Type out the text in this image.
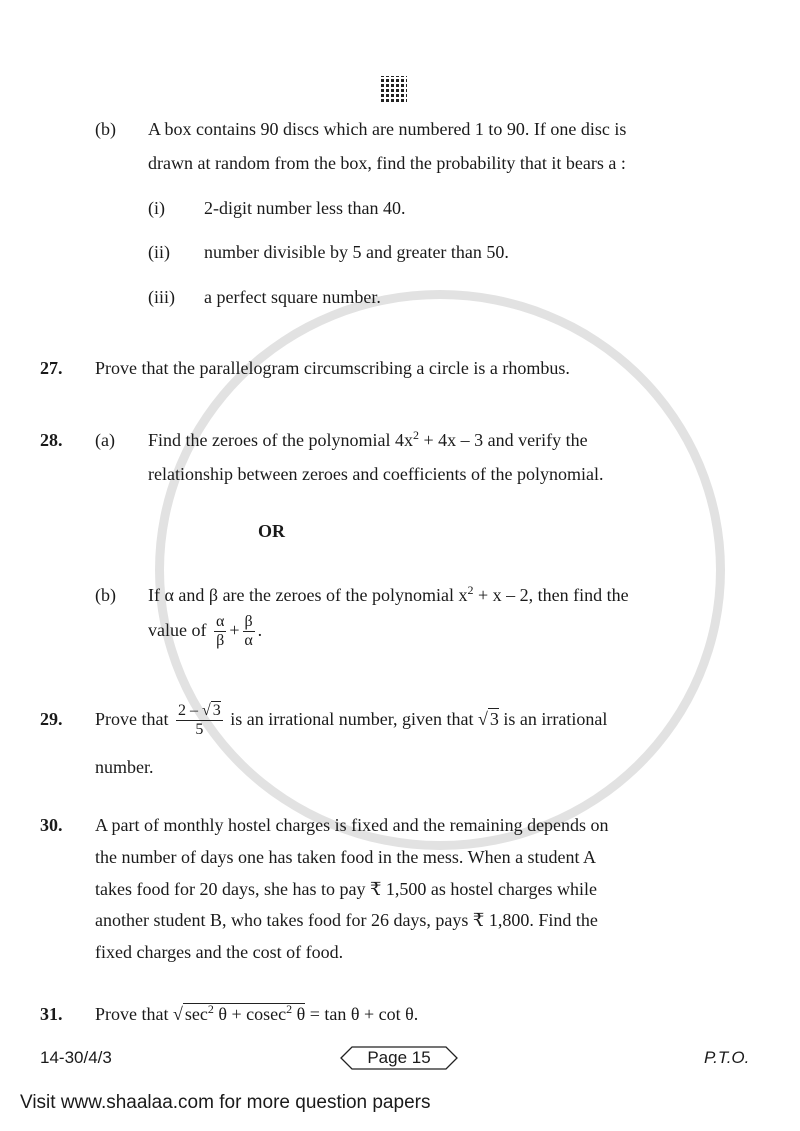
(b) A box contains 90 discs which are numbered 1 to 90. If one disc is
drawn at random from the box, find the probability that it bears a :
(i) 2-digit number less than 40.
(ii) number divisible by 5 and greater than 50.
(iii) a perfect square number.
27. Prove that the parallelogram circumscribing a circle is a rhombus.
28. (a) Find the zeroes of the polynomial $4x^2 + 4x - 3$ and verify the
relationship between zeroes and coefficients of the polynomial.
OR
(b) If α and β are the zeroes of the polynomial $x^2 + x - 2$, then find the
value of $\frac{\alpha}{\beta} + \frac{\beta}{\alpha}$ .
29. Prove that $\frac{2 - √ 3}{5}$ is an irrational number, given that √ 3 is an irrational
number.
30. A part of monthly hostel charges is fixed and the remaining depends on
the number of days one has taken food in the mess. When a student A
takes food for 20 days, she has to pay ₹ 1,500 as hostel charges while
another student B, who takes food for 26 days, pays ₹ 1,800. Find the
fixed charges and the cost of food.
31. Prove that √ $\sec^2 \theta + cosec^2$ θ = tan θ + cot θ.
14-30/4/3	Page 15	P.T.O.
Visit www.shaalaa.com for more question papers
